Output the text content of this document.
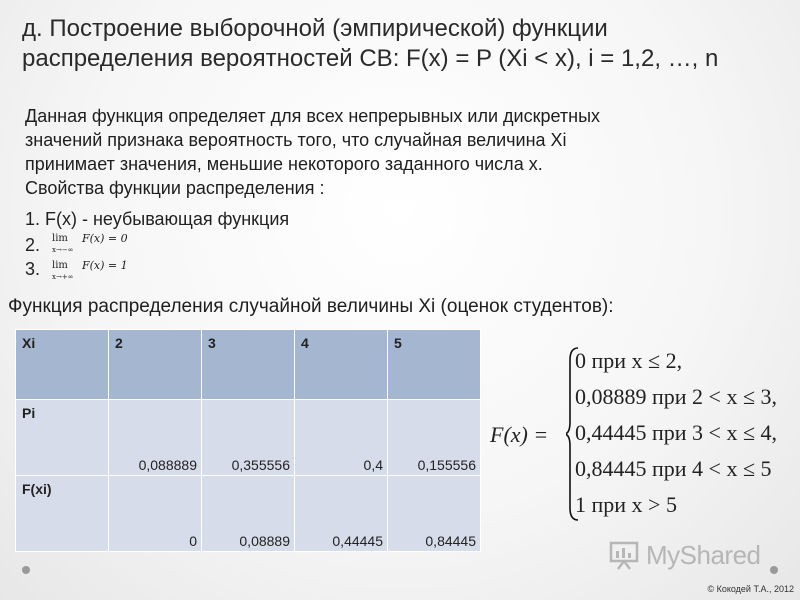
д. Построение выборочной (эмпирической) функции
распределения вероятностей СВ: F(x) = P (Xi < x), i = 1,2, …, n
Данная функция определяет для всех непрерывных или дискретных
значений признака вероятность того, что случайная величина Xi
принимает значения, меньшие некоторого заданного числа x.
Свойства функции распределения :
1. F(x) - неубывающая функция
2.
3.
lim
x→−∞
F(x) = 0
lim
x→+∞
F(x) = 1
Функция распределения случайной величины Xi (оценок студентов):
Xi	2	3	4	5

Pi	0,088889	0,355556	0,4	0,155556

F(xi)	0	0,08889	0,44445	0,84445
F(x) =
0 при x ≤ 2,
0,08889 при 2 < x ≤ 3,
0,44445 при 3 < x ≤ 4,
0,84445 при 4 < x ≤ 5
1 при x > 5
MyShared
© Кокодей Т.А., 2012
